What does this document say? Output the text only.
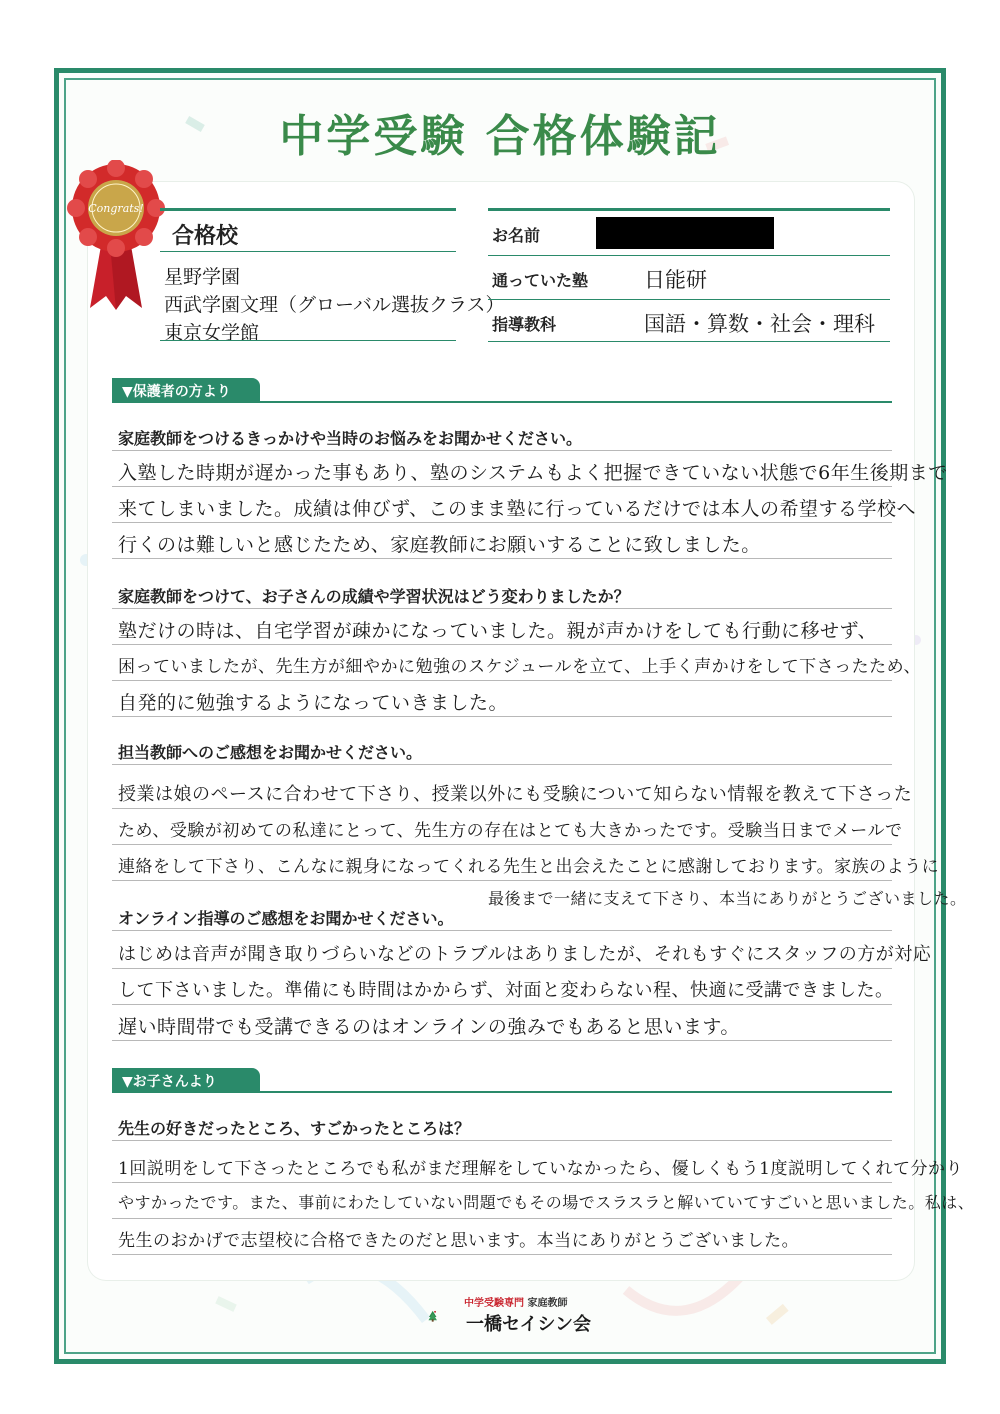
中学受験 合格体験記
Congrats!
合格校
星野学園
西武学園文理（グローバル選抜クラス）
東京女学館
お名前
通っていた塾	日能研
指導教科	国語・算数・社会・理科
▼保護者の方より
家庭教師をつけるきっかけや当時のお悩みをお聞かせください。
入塾した時期が遅かった事もあり、塾のシステムもよく把握できていない状態で6年生後期まで
来てしまいました。成績は伸びず、このまま塾に行っているだけでは本人の希望する学校へ
行くのは難しいと感じたため、家庭教師にお願いすることに致しました。
家庭教師をつけて、お子さんの成績や学習状況はどう変わりましたか？
塾だけの時は、自宅学習が疎かになっていました。親が声かけをしても行動に移せず、
困っていましたが、先生方が細やかに勉強のスケジュールを立て、上手く声かけをして下さったため、
自発的に勉強するようになっていきました。
担当教師へのご感想をお聞かせください。
授業は娘のペースに合わせて下さり、授業以外にも受験について知らない情報を教えて下さった
ため、受験が初めての私達にとって、先生方の存在はとても大きかったです。受験当日までメールで
連絡をして下さり、こんなに親身になってくれる先生と出会えたことに感謝しております。家族のように
最後まで一緒に支えて下さり、本当にありがとうございました。
オンライン指導のご感想をお聞かせください。
はじめは音声が聞き取りづらいなどのトラブルはありましたが、それもすぐにスタッフの方が対応
して下さいました。準備にも時間はかからず、対面と変わらない程、快適に受講できました。
遅い時間帯でも受講できるのはオンラインの強みでもあると思います。
▼お子さんより
先生の好きだったところ、すごかったところは？
1回説明をして下さったところでも私がまだ理解をしていなかったら、優しくもう1度説明してくれて分かり
やすかったです。また、事前にわたしていない問題でもその場でスラスラと解いていてすごいと思いました。私は、
先生のおかげで志望校に合格できたのだと思います。本当にありがとうございました。
中学受験専門 家庭教師
一橋セイシン会
